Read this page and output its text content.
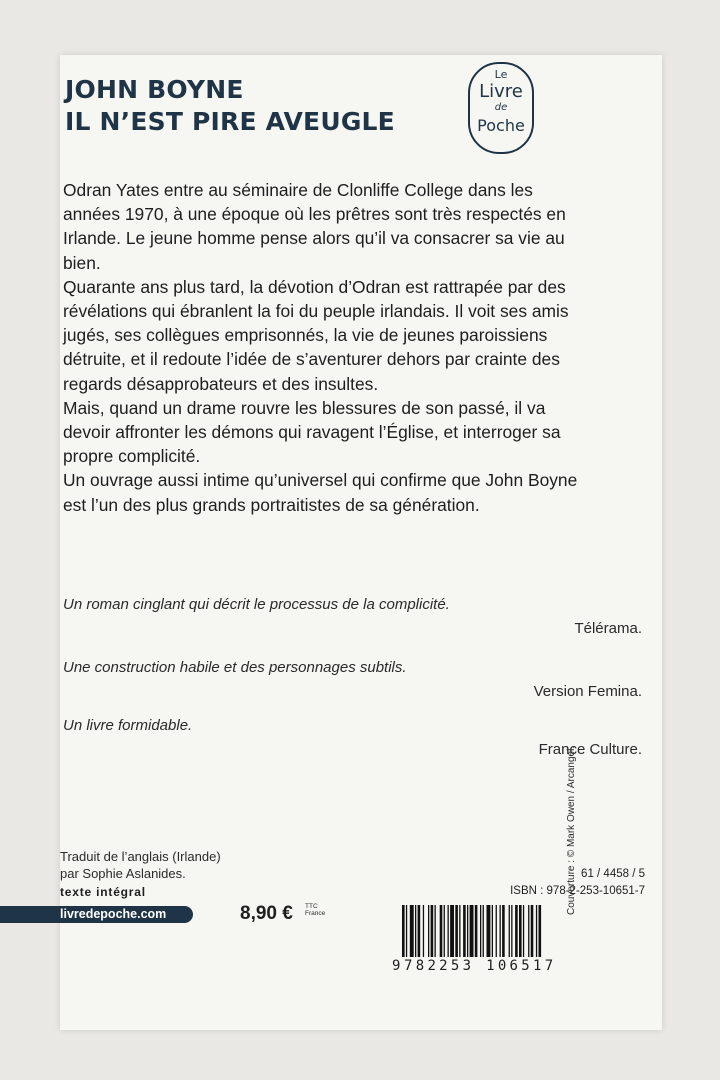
JOHN BOYNE
IL N’EST PIRE AVEUGLE
Le
Livre
de
Poche

Odran Yates entre au séminaire de Clonliffe College dans les années 1970, à une époque où les prêtres sont très respectés en Irlande. Le jeune homme pense alors qu’il va consacrer sa vie au bien.

Quarante ans plus tard, la dévotion d’Odran est rattrapée par des révélations qui ébranlent la foi du peuple irlandais. Il voit ses amis jugés, ses collègues emprisonnés, la vie de jeunes paroissiens détruite, et il redoute l’idée de s’aventurer dehors par crainte des regards désapprobateurs et des insultes.

Mais, quand un drame rouvre les blessures de son passé, il va devoir affronter les démons qui ravagent l’Église, et interroger sa propre complicité.

Un ouvrage aussi intime qu’universel qui confirme que John Boyne est l’un des plus grands portraitistes de sa génération.

Un roman cinglant qui décrit le processus de la complicité.
Télérama.
Une construction habile et des personnages subtils.
Version Femina.
Un livre formidable.
France Culture.
Couverture : © Mark Owen / Arcangel.
Traduit de l’anglais (Irlande)
par Sophie Aslanides.
texte intégral
livredepoche.com	8,90 € TTC
France
61 / 4458 / 5
ISBN : 978-2-253-10651-7
9 782253 106517
